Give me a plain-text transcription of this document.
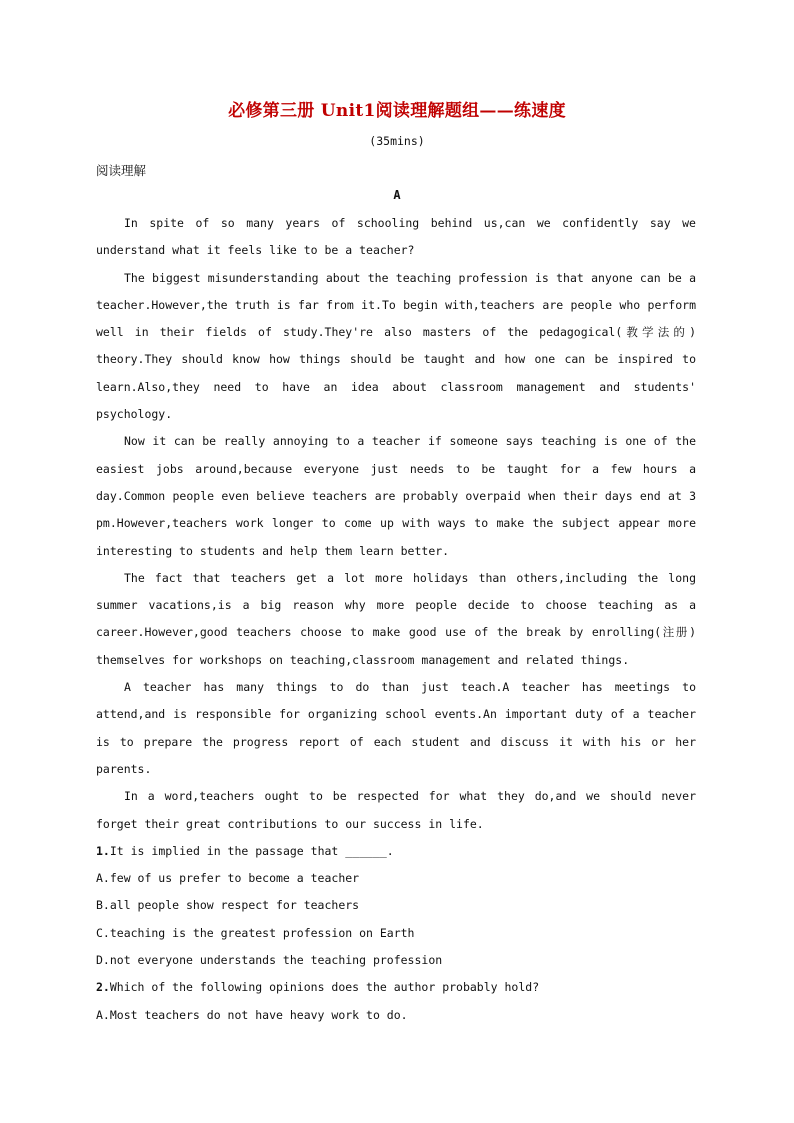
必修第三册 Unit1阅读理解题组——练速度
(35mins)
阅读理解
A

In spite of so many years of schooling behind us,can we confidently say we understand what it feels like to be a teacher?

The biggest misunderstanding about the teaching profession is that anyone can be a teacher.However,the truth is far from it.To begin with,teachers are people who perform well in their fields of study.They're also masters of the pedagogical(教学法的) theory.They should know how things should be taught and how one can be inspired to learn.Also,they need to have an idea about classroom management and students' psychology.

Now it can be really annoying to a teacher if someone says teaching is one of the easiest jobs around,because everyone just needs to be taught for a few hours a day.Common people even believe teachers are probably overpaid when their days end at 3 pm.However,teachers work longer to come up with ways to make the subject appear more interesting to students and help them learn better.

The fact that teachers get a lot more holidays than others,including the long summer vacations,is a big reason why more people decide to choose teaching as a career.However,good teachers choose to make good use of the break by enrolling(注册) themselves for workshops on teaching,classroom management and related things.

A teacher has many things to do than just teach.A teacher has meetings to attend,and is responsible for organizing school events.An important duty of a teacher is to prepare the progress report of each student and discuss it with his or her parents.

In a word,teachers ought to be respected for what they do,and we should never forget their great contributions to our success in life.

1.It is implied in the passage that ______.

A.few of us prefer to become a teacher

B.all people show respect for teachers

C.teaching is the greatest profession on Earth

D.not everyone understands the teaching profession

2.Which of the following opinions does the author probably hold?

A.Most teachers do not have heavy work to do.
